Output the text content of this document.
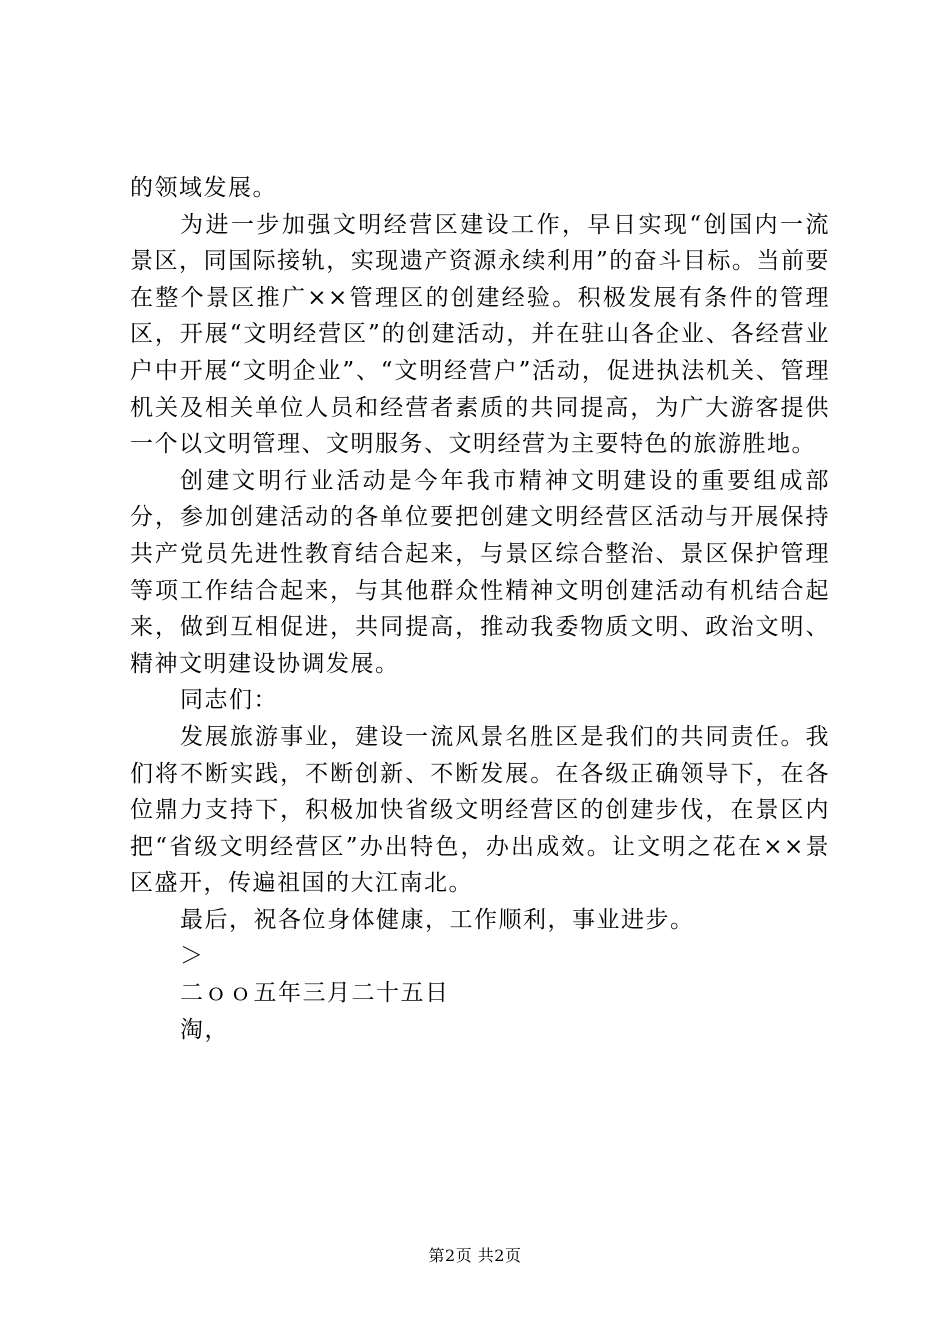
的领域发展。

为进一步加强文明经营区建设工作，早日实现“创国内一流景区，同国际接轨，实现遗产资源永续利用”的奋斗目标。当前要在整个景区推广××管理区的创建经验。积极发展有条件的管理区，开展“文明经营区”的创建活动，并在驻山各企业、各经营业户中开展“文明企业”、“文明经营户”活动，促进执法机关、管理机关及相关单位人员和经营者素质的共同提高，为广大游客提供一个以文明管理、文明服务、文明经营为主要特色的旅游胜地。

创建文明行业活动是今年我市精神文明建设的重要组成部分，参加创建活动的各单位要把创建文明经营区活动与开展保持共产党员先进性教育结合起来，与景区综合整治、景区保护管理等项工作结合起来，与其他群众性精神文明创建活动有机结合起来，做到互相促进，共同提高，推动我委物质文明、政治文明、精神文明建设协调发展。

同志们：

发展旅游事业，建设一流风景名胜区是我们的共同责任。我们将不断实践，不断创新、不断发展。在各级正确领导下，在各位鼎力支持下，积极加快省级文明经营区的创建步伐，在景区内把“省级文明经营区”办出特色，办出成效。让文明之花在××景区盛开，传遍祖国的大江南北。

最后，祝各位身体健康，工作顺利，事业进步。

＞

二ｏｏ五年三月二十五日

淘，

第2页 共2页
